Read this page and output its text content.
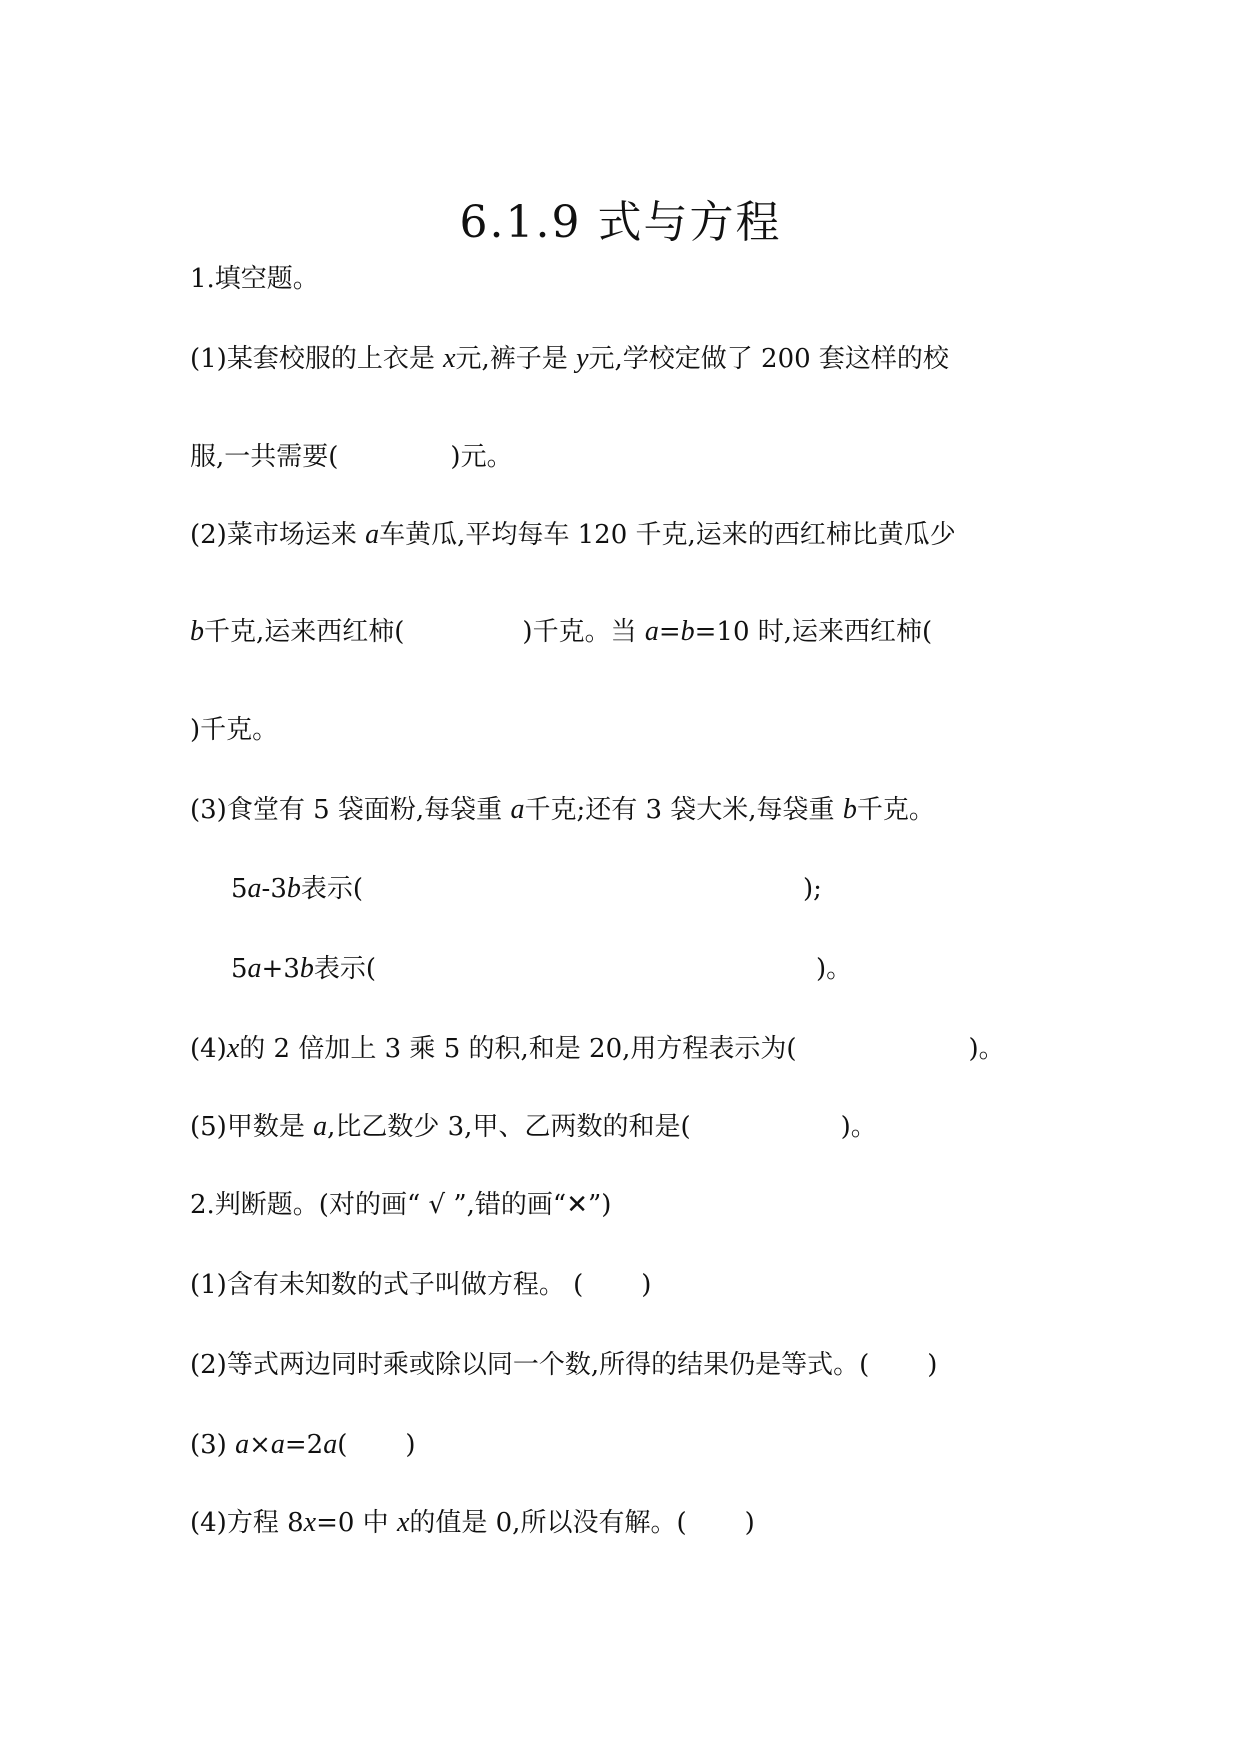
6.1.9 式与方程
1.填空题。
(1)某套校服的上衣是 x元,裤子是 y元,学校定做了 200 套这样的校
服,一共需要(	)元。
(2)菜市场运来 a车黄瓜,平均每车 120 千克,运来的西红柿比黄瓜少
b千克,运来西红柿(	)千克。当 a=b=10 时,运来西红柿(
)千克。
(3)食堂有 5 袋面粉,每袋重 a千克;还有 3 袋大米,每袋重 b千克。
5a-3b表示(	);
5a+3b表示(	)。
(4)x的 2 倍加上 3 乘 5 的积,和是 20,用方程表示为(	)。
(5)甲数是 a,比乙数少 3,甲、乙两数的和是(	)。
2.判断题。(对的画“ √ ”,错的画“✕”)
(1)含有未知数的式子叫做方程。 ( )
(2)等式两边同时乘或除以同一个数,所得的结果仍是等式。( )
(3) a×a=2a( )
(4)方程 8x=0 中 x的值是 0,所以没有解。( )
